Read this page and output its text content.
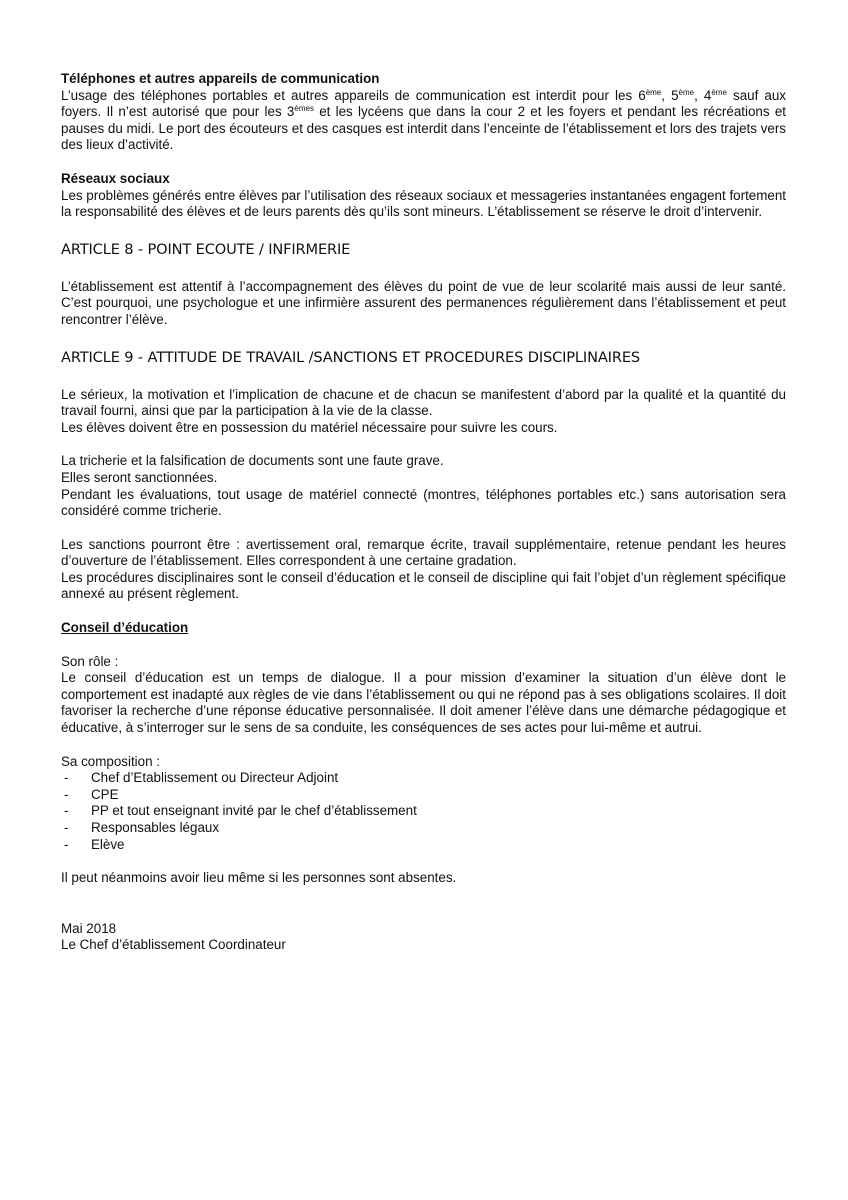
Téléphones et autres appareils de communication

L’usage des téléphones portables et autres appareils de communication est interdit pour les 6ème, 5ème, 4ème sauf aux foyers. Il n’est autorisé que pour les 3èmes et les lycéens que dans la cour 2 et les foyers et pendant les récréations et pauses du midi. Le port des écouteurs et des casques est interdit dans l’enceinte de l’établissement et lors des trajets vers des lieux d’activité.

Réseaux sociaux

Les problèmes générés entre élèves par l’utilisation des réseaux sociaux et messageries instantanées engagent fortement la responsabilité des élèves et de leurs parents dès qu’ils sont mineurs. L’établissement se réserve le droit d’intervenir.

ARTICLE 8 - POINT ECOUTE / INFIRMERIE

L’établissement est attentif à l’accompagnement des élèves du point de vue de leur scolarité mais aussi de leur santé. C’est pourquoi, une psychologue et une infirmière assurent des permanences régulièrement dans l’établissement et peut rencontrer l’élève.

ARTICLE 9 - ATTITUDE DE TRAVAIL /SANCTIONS ET PROCEDURES DISCIPLINAIRES

Le sérieux, la motivation et l’implication de chacune et de chacun se manifestent d’abord par la qualité et la quantité du travail fourni, ainsi que par la participation à la vie de la classe.

Les élèves doivent être en possession du matériel nécessaire pour suivre les cours.

La tricherie et la falsification de documents sont une faute grave.

Elles seront sanctionnées.

Pendant les évaluations, tout usage de matériel connecté (montres, téléphones portables etc.) sans autorisation sera considéré comme tricherie.

Les sanctions pourront être : avertissement oral, remarque écrite, travail supplémentaire, retenue pendant les heures d’ouverture de l’établissement. Elles correspondent à une certaine gradation.

Les procédures disciplinaires sont le conseil d’éducation et le conseil de discipline qui fait l’objet d’un règlement spécifique annexé au présent règlement.

Conseil d’éducation

Son rôle :

Le conseil d’éducation est un temps de dialogue. Il a pour mission d’examiner la situation d’un élève dont le comportement est inadapté aux règles de vie dans l’établissement ou qui ne répond pas à ses obligations scolaires. Il doit favoriser la recherche d’une réponse éducative personnalisée. Il doit amener l’élève dans une démarche pédagogique et éducative, à s’interroger sur le sens de sa conduite, les conséquences de ses actes pour lui-même et autrui.

Sa composition :

- Chef d’Etablissement ou Directeur Adjoint
- CPE
- PP et tout enseignant invité par le chef d’établissement
- Responsables légaux
- Elève

Il peut néanmoins avoir lieu même si les personnes sont absentes.

Mai 2018

Le Chef d’établissement Coordinateur
